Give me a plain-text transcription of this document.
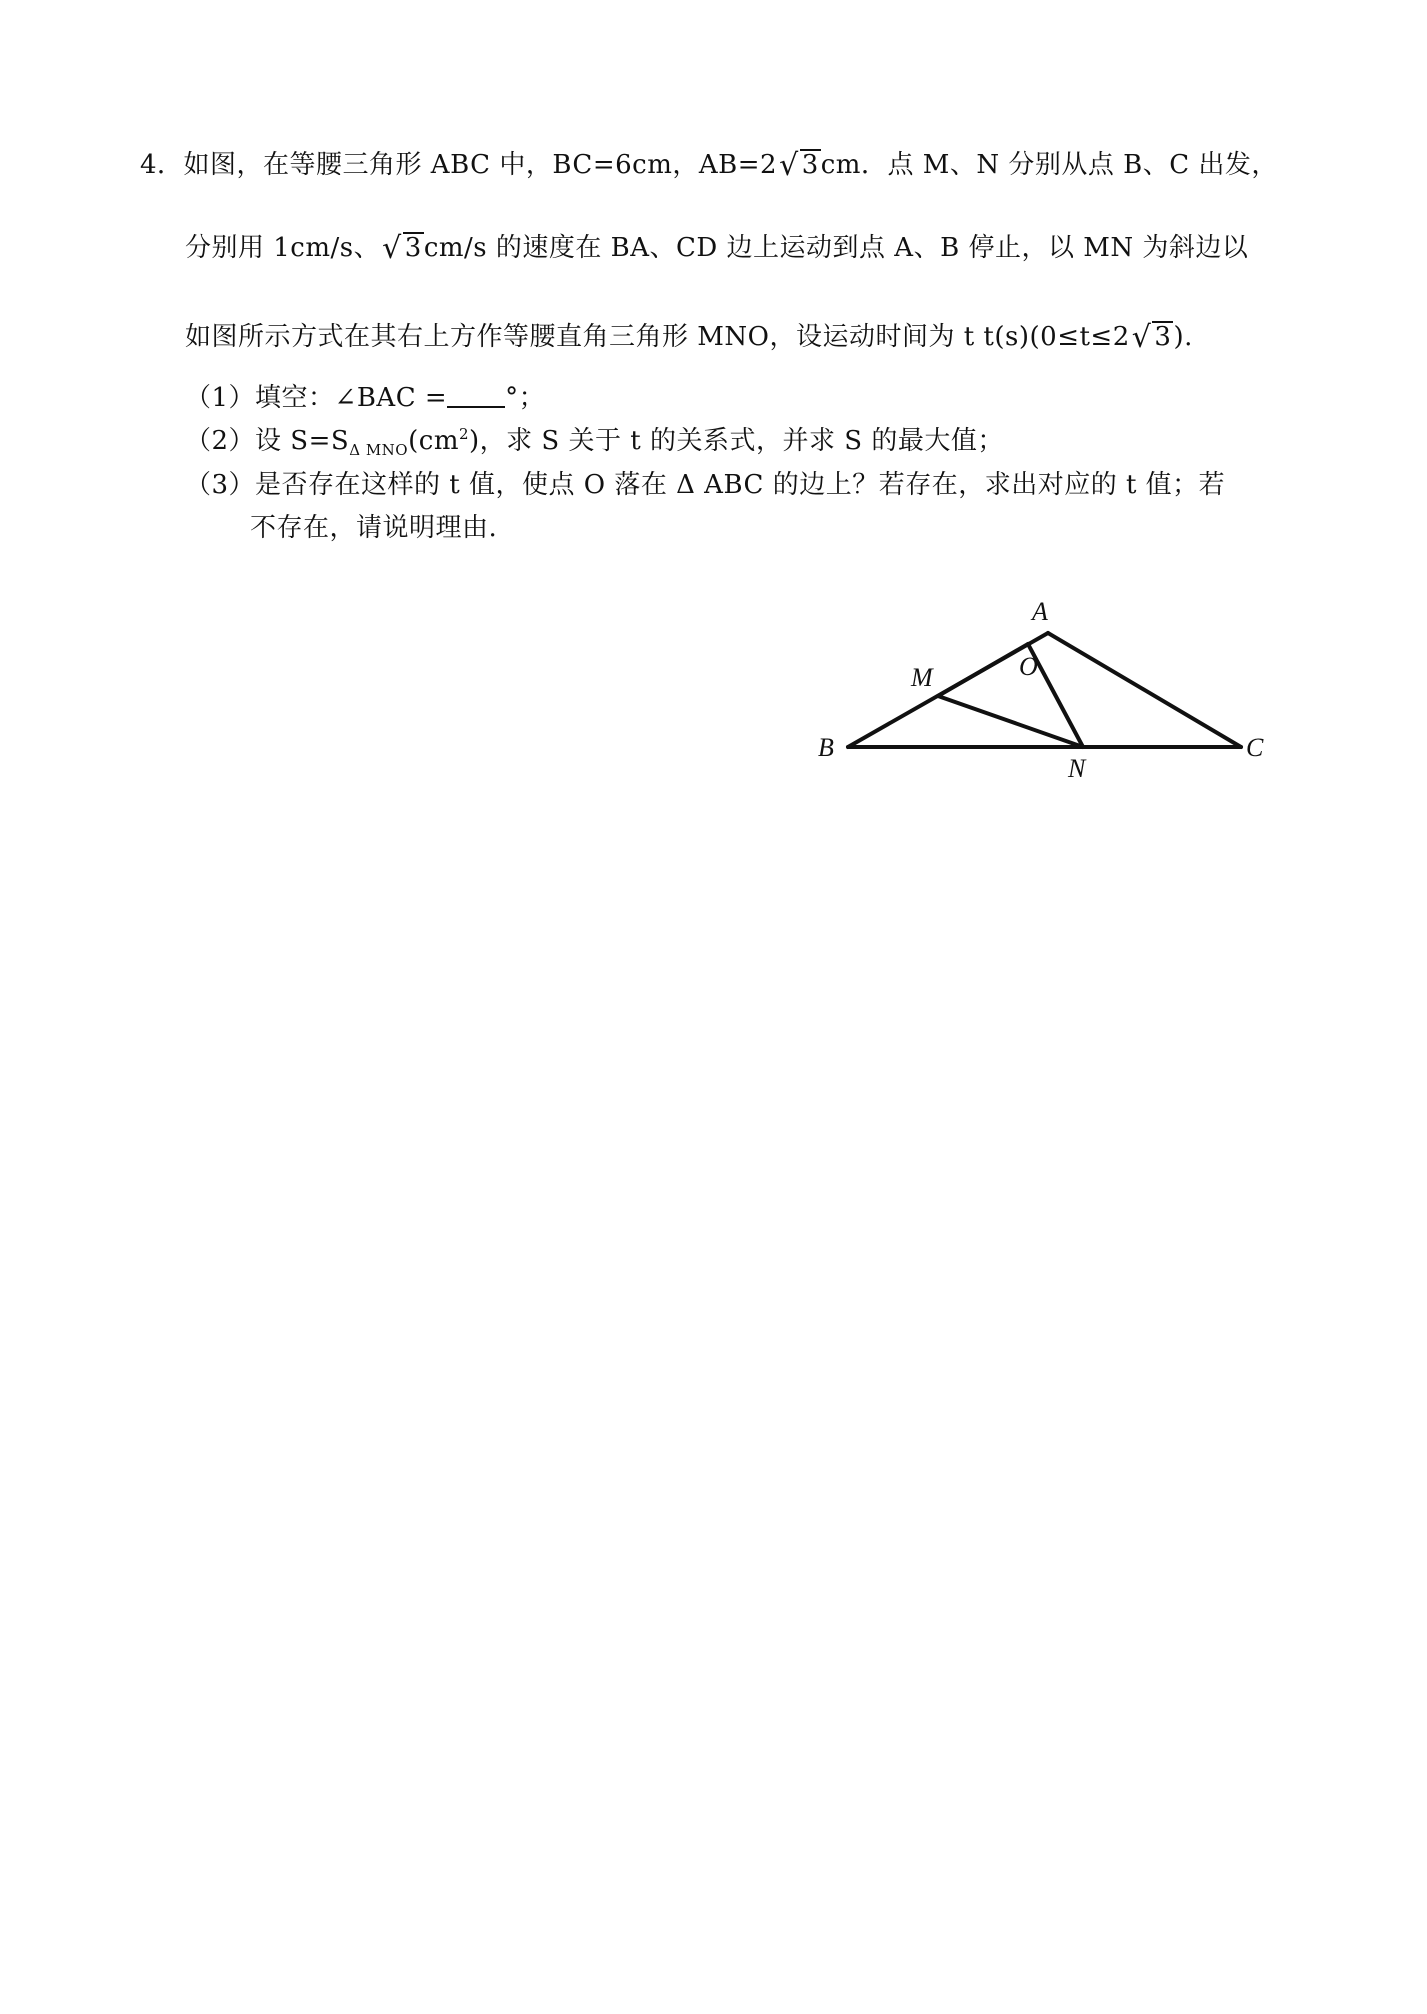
4．如图，在等腰三角形 ABC 中，BC=6cm，AB=2√ 3cm．点 M、N 分别从点 B、C 出发，
分别用 1cm/s、√ 3cm/s 的速度在 BA、CD 边上运动到点 A、B 停止，以 MN 为斜边以
如图所示方式在其右上方作等腰直角三角形 MNO，设运动时间为 t t(s)(0≤t≤2√ 3).
（1）填空：∠BAC = °；
（2）设 $S=S_{\Delta MNO}(cm^2)$，求 S 关于 t 的关系式，并求 S 的最大值；
（3）是否存在这样的 t 值，使点 O 落在 Δ ABC 的边上？若存在，求出对应的 t 值；若
不存在，请说明理由.
A
B	C
M
N
O
